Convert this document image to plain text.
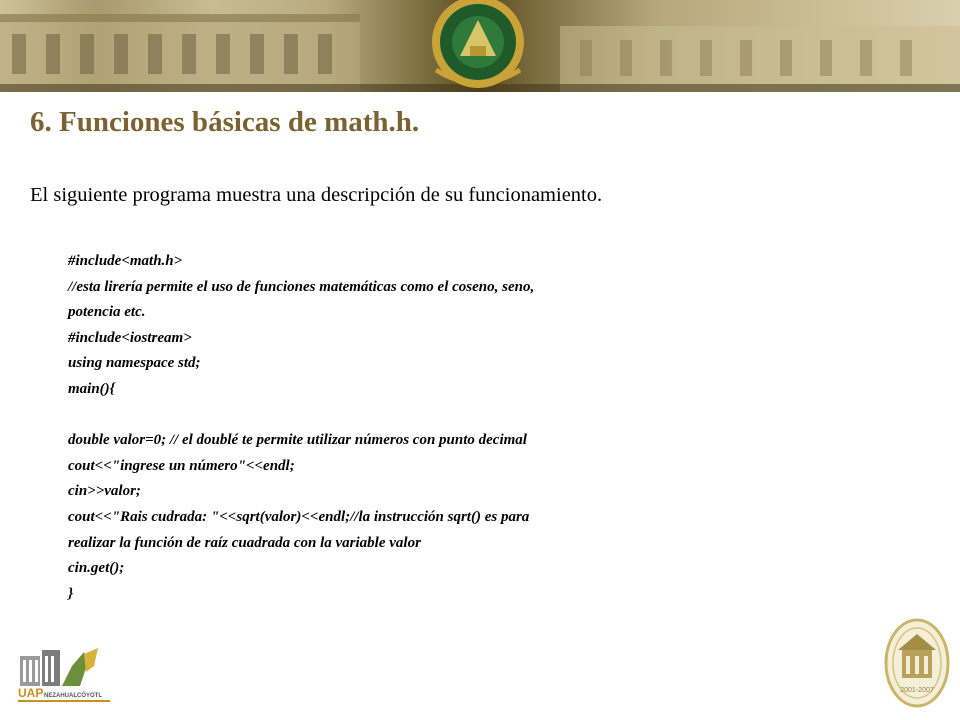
6. Funciones básicas de math.h.

El siguiente programa muestra una descripción de su funcionamiento.

#include<math.h>
//esta lirería permite el uso de funciones matemáticas como el coseno, seno,
potencia etc.
#include<iostream>
using namespace std;
main(){
double valor=0; // el doublé te permite utilizar números con punto decimal
cout<<"ingrese un número"<<endl;
cin>>valor;
cout<<"Rais cudrada: "<<sqrt(valor)<<endl;//la instrucción sqrt() es para
realizar la función de raíz cuadrada con la variable valor
cin.get();
}
UAP NEZAHUALCÓYOTL
2001-2007
